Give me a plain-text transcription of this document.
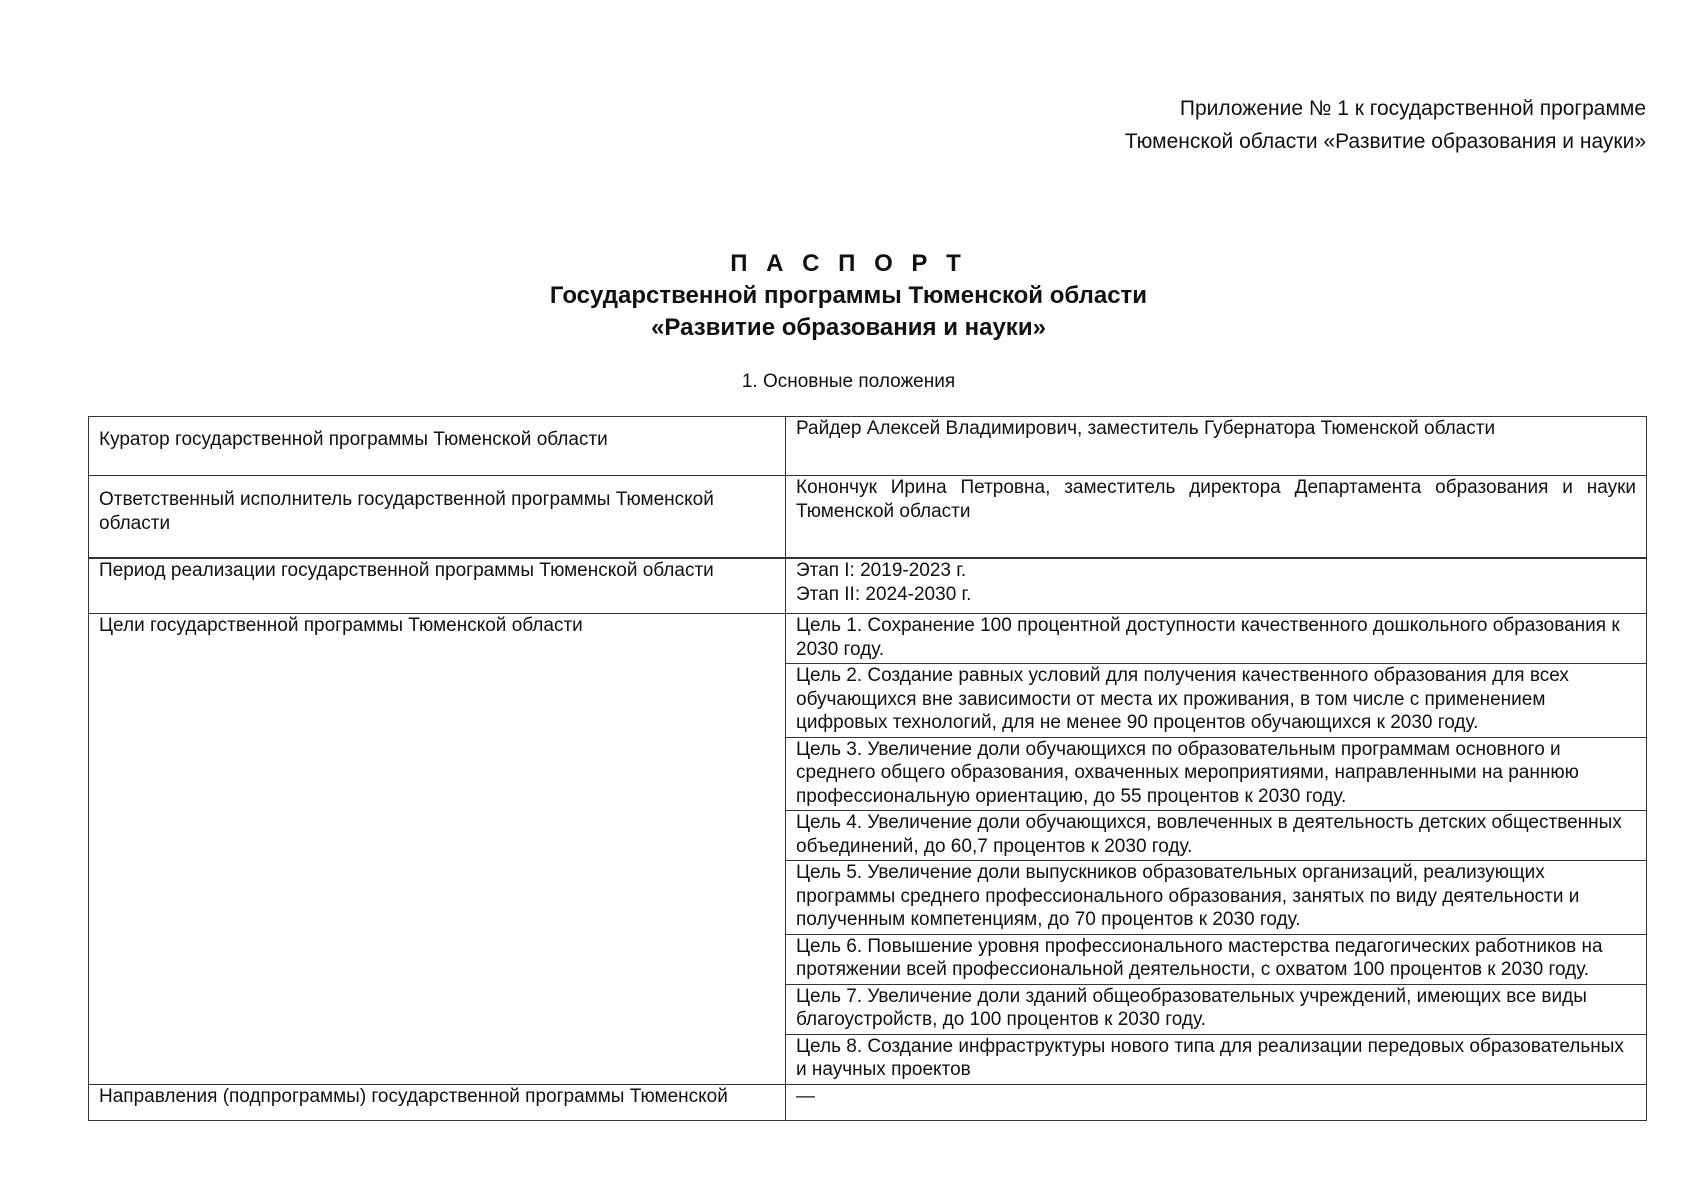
Приложение № 1 к государственной программе
Тюменской области «Развитие образования и науки»
П А С П О Р Т
Государственной программы Тюменской области
«Развитие образования и науки»
1. Основные положения
Куратор государственной программы Тюменской области	Райдер Алексей Владимирович, заместитель Губернатора Тюменской области
Ответственный исполнитель государственной программы Тюменской области	Конончук Ирина Петровна, заместитель директора Департамента образования и науки Тюменской области
Период реализации государственной программы Тюменской области	Этап I: 2019-2023 г.
Этап II: 2024-2030 г.

Цели государственной программы Тюменской области	Цель 1. Сохранение 100 процентной доступности качественного дошкольного образования к 2030 году.
	Цель 2. Создание равных условий для получения качественного образования для всех обучающихся вне зависимости от места их проживания, в том числе с применением цифровых технологий, для не менее 90 процентов обучающихся к 2030 году.
	Цель 3. Увеличение доли обучающихся по образовательным программам основного и среднего общего образования, охваченных мероприятиями, направленными на раннюю профессиональную ориентацию, до 55 процентов к 2030 году.
	Цель 4. Увеличение доли обучающихся, вовлеченных в деятельность детских общественных объединений, до 60,7 процентов к 2030 году.
	Цель 5. Увеличение доли выпускников образовательных организаций, реализующих программы среднего профессионального образования, занятых по виду деятельности и полученным компетенциям, до 70 процентов к 2030 году.
	Цель 6. Повышение уровня профессионального мастерства педагогических работников на протяжении всей профессиональной деятельности, с охватом 100 процентов к 2030 году.
	Цель 7. Увеличение доли зданий общеобразовательных учреждений, имеющих все виды благоустройств, до 100 процентов к 2030 году.
	Цель 8. Создание инфраструктуры нового типа для реализации передовых образовательных и научных проектов
Направления (подпрограммы) государственной программы Тюменской	—
